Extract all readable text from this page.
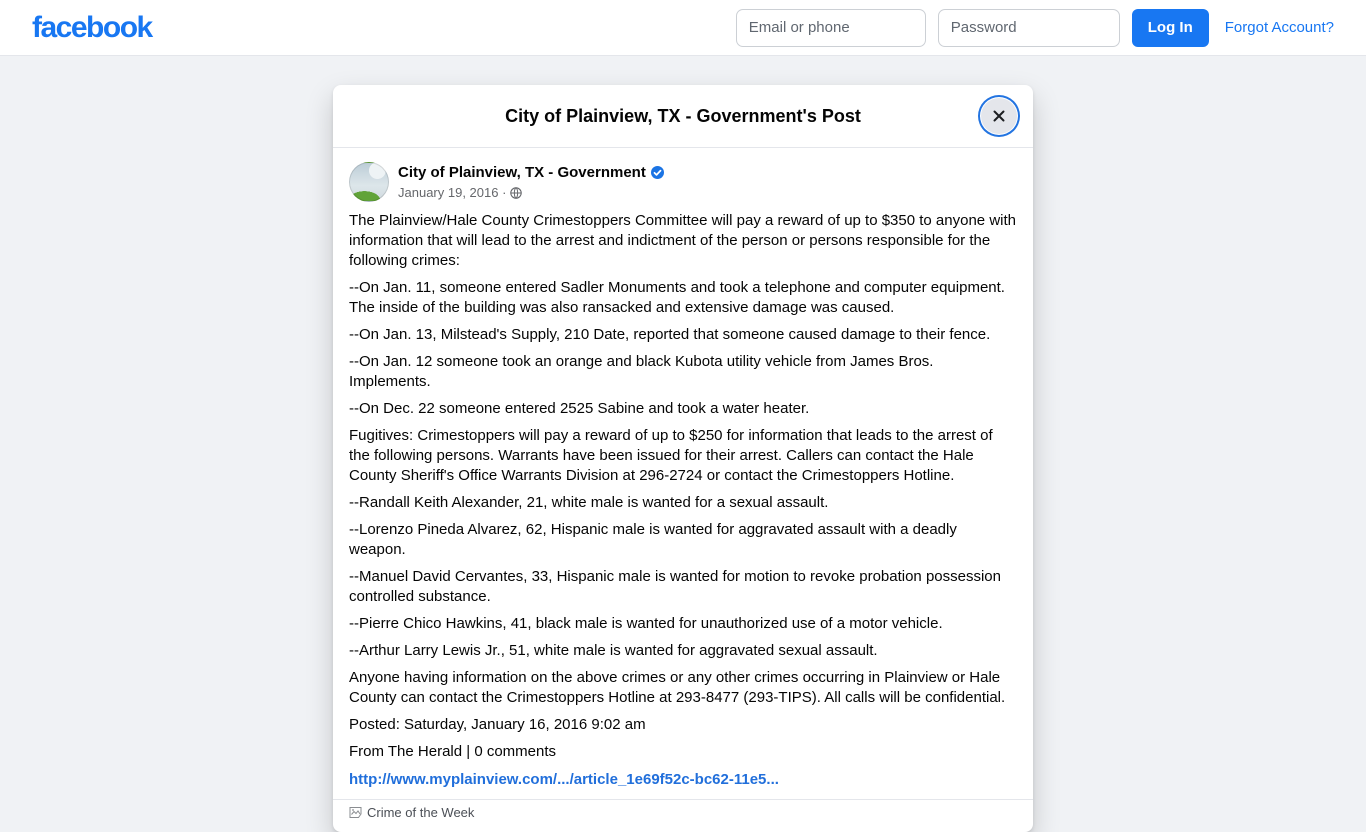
facebook
Email or phone	Log In	Forgot Account?
City of Plainview, TX - Government's Post
City of Plainview, TX - Government
January 19, 2016 ·

The Plainview/Hale County Crimestoppers Committee will pay a reward of up to $350 to anyone with information that will lead to the arrest and indictment of the person or persons responsible for the following crimes:

--On Jan. 11, someone entered Sadler Monuments and took a telephone and computer equipment. The inside of the building was also ransacked and extensive damage was caused.

--On Jan. 13, Milstead's Supply, 210 Date, reported that someone caused damage to their fence.

--On Jan. 12 someone took an orange and black Kubota utility vehicle from James Bros. Implements.

--On Dec. 22 someone entered 2525 Sabine and took a water heater.

Fugitives: Crimestoppers will pay a reward of up to $250 for information that leads to the arrest of the following persons. Warrants have been issued for their arrest. Callers can contact the Hale County Sheriff's Office Warrants Division at 296-2724 or contact the Crimestoppers Hotline.

--Randall Keith Alexander, 21, white male is wanted for a sexual assault.

--Lorenzo Pineda Alvarez, 62, Hispanic male is wanted for aggravated assault with a deadly weapon.

--Manuel David Cervantes, 33, Hispanic male is wanted for motion to revoke probation possession controlled substance.

--Pierre Chico Hawkins, 41, black male is wanted for unauthorized use of a motor vehicle.

--Arthur Larry Lewis Jr., 51, white male is wanted for aggravated sexual assault.

Anyone having information on the above crimes or any other crimes occurring in Plainview or Hale County can contact the Crimestoppers Hotline at 293-8477 (293-TIPS). All calls will be confidential.

Posted: Saturday, January 16, 2016 9:02 am

From The Herald | 0 comments

http://www.myplainview.com/.../article_1e69f52c-bc62-11e5...
Crime of the Week
